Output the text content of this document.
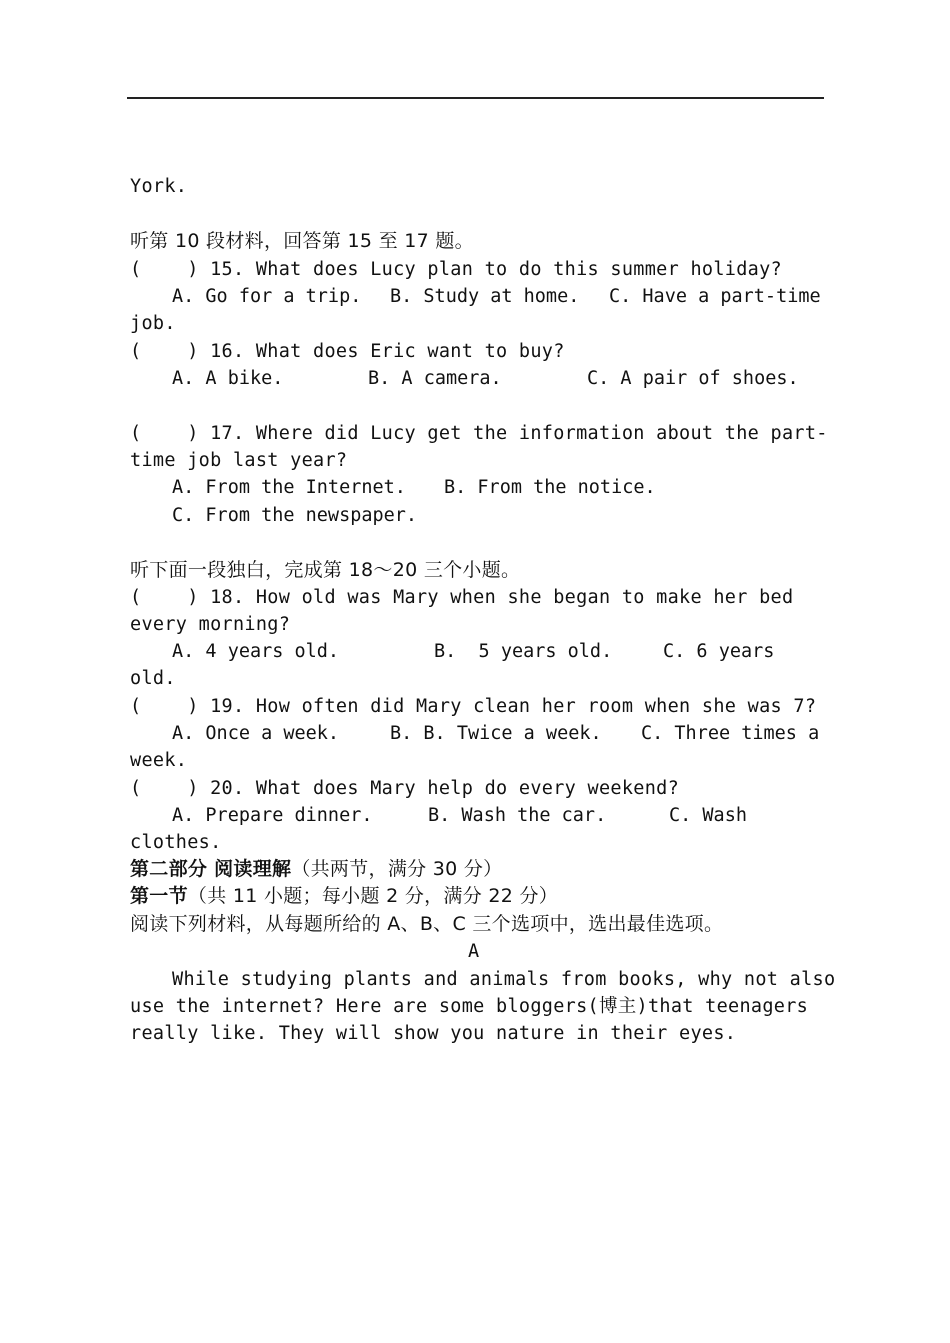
York.
听第 10 段材料，回答第 15 至 17 题。
(    ) 15. What does Lucy plan to do this summer holiday?
A. Go for a trip. B. Study at home. C. Have a part-time
job.
(    ) 16. What does Eric want to buy?
A. A bike.	B. A camera.	C. A pair of shoes.
(    ) 17. Where did Lucy get the information about the part-
time job last year?
A. From the Internet. B. From the notice.
C. From the newspaper.
听下面一段独白，完成第 18～20 三个小题。
(    ) 18. How old was Mary when she began to make her bed
every morning?
A. 4 years old.	B.  5 years old.	C. 6 years
old.
(    ) 19. How often did Mary clean her room when she was 7?
A. Once a week.	B. B. Twice a week. C. Three times a
week.
(    ) 20. What does Mary help do every weekend?
A. Prepare dinner.	B. Wash the car.	C. Wash
clothes.
第二部分 阅读理解（共两节，满分 30 分）
第一节（共 11 小题；每小题 2 分，满分 22 分）
阅读下列材料，从每题所给的 A、B、C 三个选项中，选出最佳选项。
A
While studying plants and animals from books, why not also
use the internet? Here are some bloggers(博主)that teenagers
really like. They will show you nature in their eyes.
